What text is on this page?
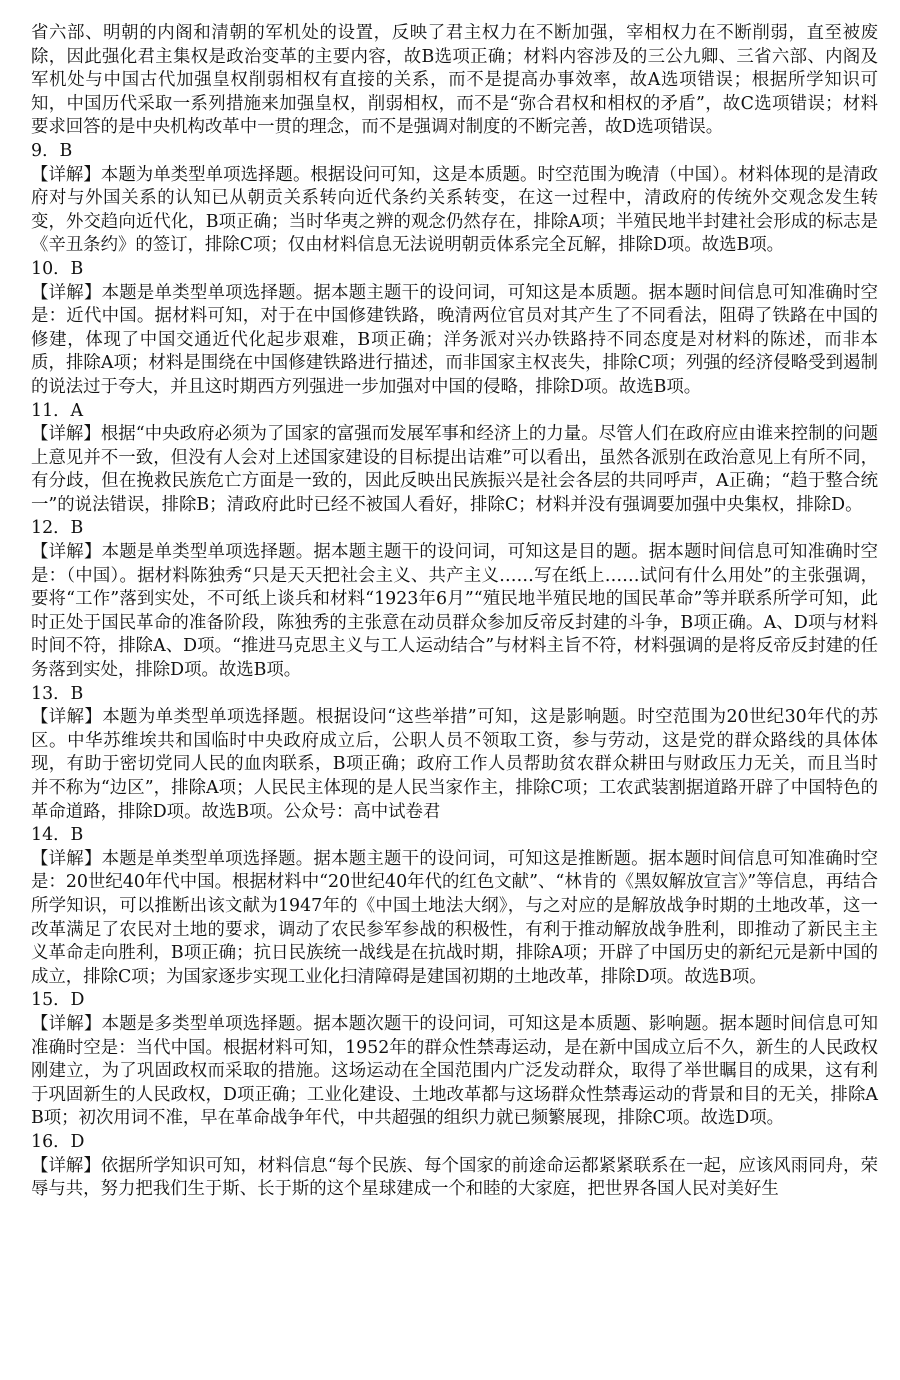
省六部、明朝的内阁和清朝的军机处的设置，反映了君主权力在不断加强，宰相权力在不断削弱，直至被废除，因此强化君主集权是政治变革的主要内容，故B选项正确；材料内容涉及的三公九卿、三省六部、内阁及军机处与中国古代加强皇权削弱相权有直接的关系，而不是提高办事效率，故A选项错误；根据所学知识可知，中国历代采取一系列措施来加强皇权，削弱相权，而不是“弥合君权和相权的矛盾”，故C选项错误；材料要求回答的是中央机构改革中一贯的理念，而不是强调对制度的不断完善，故D选项错误。

9．B

【详解】本题为单类型单项选择题。根据设问可知，这是本质题。时空范围为晚清（中国）。材料体现的是清政府对与外国关系的认知已从朝贡关系转向近代条约关系转变，在这一过程中，清政府的传统外交观念发生转变，外交趋向近代化，B项正确；当时华夷之辨的观念仍然存在，排除A项；半殖民地半封建社会形成的标志是《辛丑条约》的签订，排除C项；仅由材料信息无法说明朝贡体系完全瓦解，排除D项。故选B项。

10．B

【详解】本题是单类型单项选择题。据本题主题干的设问词，可知这是本质题。据本题时间信息可知准确时空是：近代中国。据材料可知，对于在中国修建铁路，晚清两位官员对其产生了不同看法，阻碍了铁路在中国的修建，体现了中国交通近代化起步艰难，B项正确；洋务派对兴办铁路持不同态度是对材料的陈述，而非本质，排除A项；材料是围绕在中国修建铁路进行描述，而非国家主权丧失，排除C项；列强的经济侵略受到遏制的说法过于夸大，并且这时期西方列强进一步加强对中国的侵略，排除D项。故选B项。

11．A

【详解】根据“中央政府必须为了国家的富强而发展军事和经济上的力量。尽管人们在政府应由谁来控制的问题上意见并不一致，但没有人会对上述国家建设的目标提出诘难”可以看出，虽然各派别在政治意见上有所不同，有分歧，但在挽救民族危亡方面是一致的，因此反映出民族振兴是社会各层的共同呼声，A正确；“趋于整合统一”的说法错误，排除B；清政府此时已经不被国人看好，排除C；材料并没有强调要加强中央集权，排除D。

12．B

【详解】本题是单类型单项选择题。据本题主题干的设问词，可知这是目的题。据本题时间信息可知准确时空是：（中国）。据材料陈独秀“只是天天把社会主义、共产主义……写在纸上……试问有什么用处”的主张强调，要将“工作”落到实处，不可纸上谈兵和材料“1923年6月”“殖民地半殖民地的国民革命”等并联系所学可知，此时正处于国民革命的准备阶段，陈独秀的主张意在动员群众参加反帝反封建的斗争，B项正确。A、D项与材料时间不符，排除A、D项。“推进马克思主义与工人运动结合”与材料主旨不符，材料强调的是将反帝反封建的任务落到实处，排除D项。故选B项。

13．B

【详解】本题为单类型单项选择题。根据设问“这些举措”可知，这是影响题。时空范围为20世纪30年代的苏区。中华苏维埃共和国临时中央政府成立后，公职人员不领取工资，参与劳动，这是党的群众路线的具体体现，有助于密切党同人民的血肉联系，B项正确；政府工作人员帮助贫农群众耕田与财政压力无关，而且当时并不称为“边区”，排除A项；人民民主体现的是人民当家作主，排除C项；工农武装割据道路开辟了中国特色的革命道路，排除D项。故选B项。公众号：高中试卷君

14．B

【详解】本题是单类型单项选择题。据本题主题干的设问词，可知这是推断题。据本题时间信息可知准确时空是：20世纪40年代中国。根据材料中“20世纪40年代的红色文献”、“林肯的《黑奴解放宣言》”等信息，再结合所学知识，可以推断出该文献为1947年的《中国土地法大纲》，与之对应的是解放战争时期的土地改革，这一改革满足了农民对土地的要求，调动了农民参军参战的积极性，有利于推动解放战争胜利，即推动了新民主主义革命走向胜利，B项正确；抗日民族统一战线是在抗战时期，排除A项；开辟了中国历史的新纪元是新中国的成立，排除C项；为国家逐步实现工业化扫清障碍是建国初期的土地改革，排除D项。故选B项。

15．D

【详解】本题是多类型单项选择题。据本题次题干的设问词，可知这是本质题、影响题。据本题时间信息可知准确时空是：当代中国。根据材料可知，1952年的群众性禁毒运动，是在新中国成立后不久，新生的人民政权刚建立，为了巩固政权而采取的措施。这场运动在全国范围内广泛发动群众，取得了举世瞩目的成果，这有利于巩固新生的人民政权，D项正确；工业化建设、土地改革都与这场群众性禁毒运动的背景和目的无关，排除AB项；初次用词不准，早在革命战争年代，中共超强的组织力就已频繁展现，排除C项。故选D项。

16．D

【详解】依据所学知识可知，材料信息“每个民族、每个国家的前途命运都紧紧联系在一起，应该风雨同舟，荣辱与共，努力把我们生于斯、长于斯的这个星球建成一个和睦的大家庭，把世界各国人民对美好生
